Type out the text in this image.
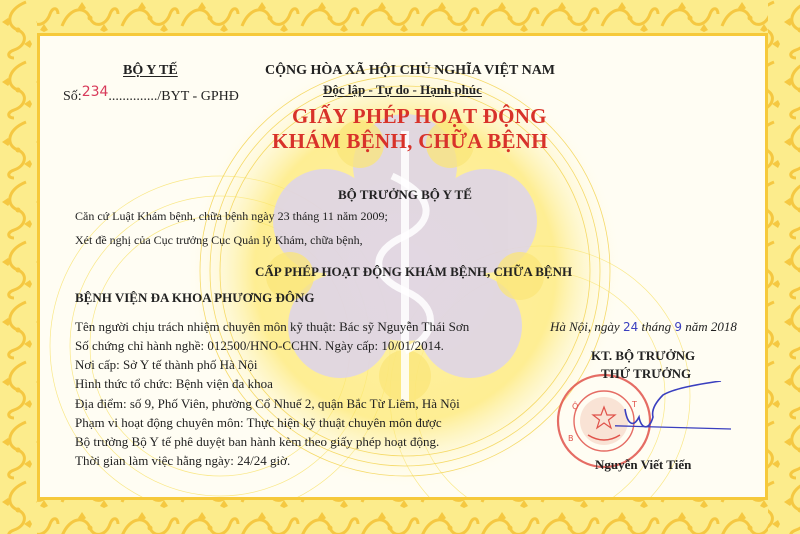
BỘ Y TẾ
Số:234............../BYT - GPHĐ
CỘNG HÒA XÃ HỘI CHỦ NGHĨA VIỆT NAM
Độc lập - Tự do - Hạnh phúc
GIẤY PHÉP HOẠT ĐỘNG
KHÁM BỆNH, CHỮA BỆNH
BỘ TRƯỞNG BỘ Y TẾ
Căn cứ Luật Khám bệnh, chữa bệnh ngày 23 tháng 11 năm 2009;
Xét đề nghị của Cục trưởng Cục Quản lý Khám, chữa bệnh,
CẤP PHÉP HOẠT ĐỘNG KHÁM BỆNH, CHỮA BỆNH
BỆNH VIỆN ĐA KHOA PHƯƠNG ĐÔNG
Tên người chịu trách nhiệm chuyên môn kỹ thuật: Bác sỹ Nguyễn Thái Sơn
Số chứng chỉ hành nghề: 012500/HNO-CCHN. Ngày cấp: 10/01/2014.
Nơi cấp: Sở Y tế thành phố Hà Nội
Hình thức tổ chức: Bệnh viện đa khoa
Địa điểm: số 9, Phố Viên, phường Cổ Nhuế 2, quận Bắc Từ Liêm, Hà Nội
Phạm vi hoạt động chuyên môn: Thực hiện kỹ thuật chuyên môn được
Bộ trưởng Bộ Y tế phê duyệt ban hành kèm theo giấy phép hoạt động.
Thời gian làm việc hằng ngày: 24/24 giờ.
Hà Nội, ngày 24 tháng 9 năm 2018
Ộ	T
B
KT. BỘ TRƯỞNG
THỨ TRƯỞNG
Nguyễn Viết Tiến
